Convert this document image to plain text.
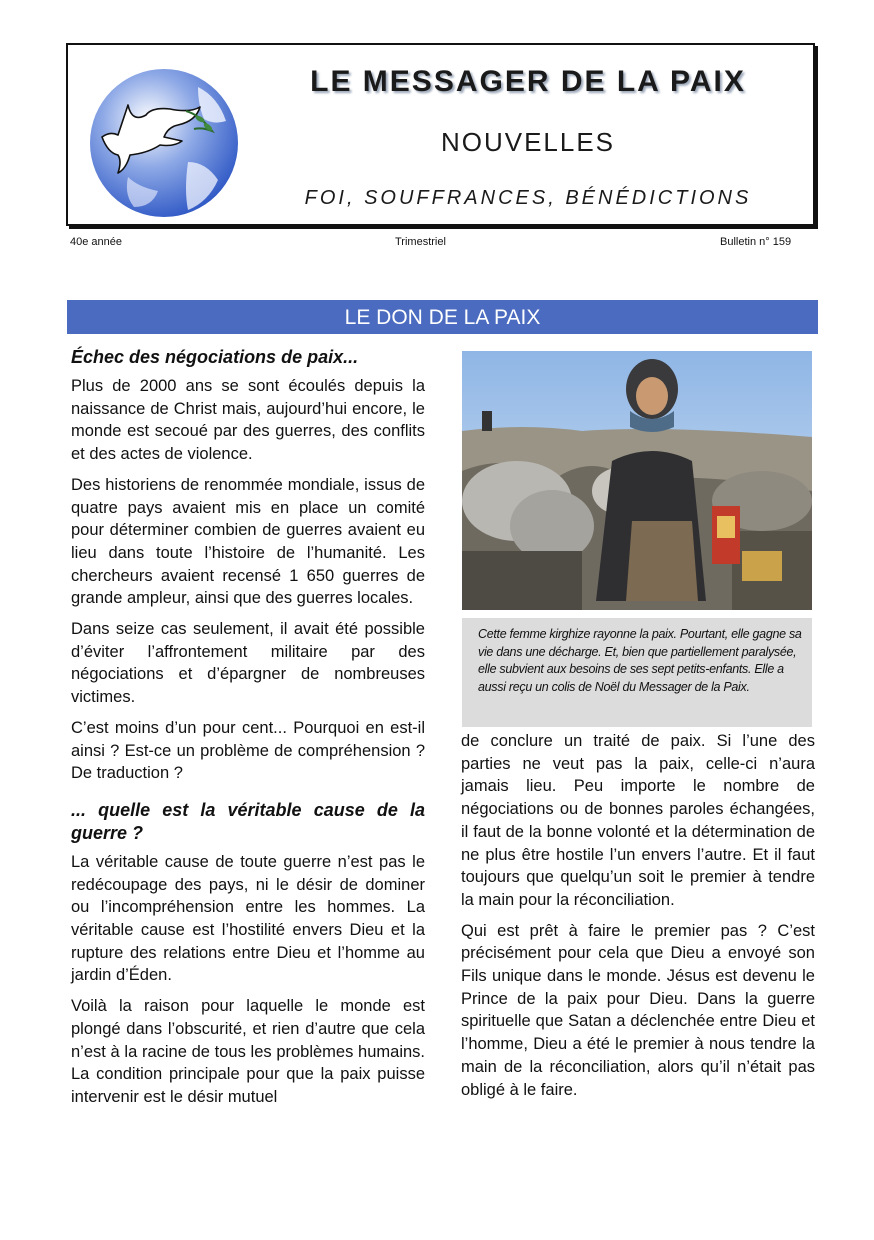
LE MESSAGER DE LA PAIX
NOUVELLES
FOI, SOUFFRANCES, BÉNÉDICTIONS
40e année	Trimestriel	Bulletin n° 159
LE DON DE LA PAIX
Échec des négociations de paix...

Plus de 2000 ans se sont écoulés depuis la naissance de Christ mais, aujourd’hui encore, le monde est secoué par des guerres, des conflits et des actes de violence.

Des historiens de renommée mondiale, issus de quatre pays avaient mis en place un comité pour déterminer combien de guerres avaient eu lieu dans toute l’histoire de l’humanité. Les chercheurs avaient recensé 1 650 guerres de grande ampleur, ainsi que des guerres locales.

Dans seize cas seulement, il avait été possible d’éviter l’affrontement militaire par des négociations et d’épargner de nombreuses victimes.

C’est moins d’un pour cent... Pourquoi en est-il ainsi ? Est-ce un problème de compréhension ? De traduction ?

... quelle est la véritable cause de la guerre ?

La véritable cause de toute guerre n’est pas le redécoupage des pays, ni le désir de dominer ou l’incompréhension entre les hommes. La véritable cause est l’hostilité envers Dieu et la rupture des relations entre Dieu et l’homme au jardin d’Éden.

Voilà la raison pour laquelle le monde est plongé dans l’obscurité, et rien d’autre que cela n’est à la racine de tous les problèmes humains. La condition principale pour que la paix puisse intervenir est le désir mutuel

Cette femme kirghize rayonne la paix. Pourtant, elle gagne sa vie dans une décharge. Et, bien que partiellement paralysée, elle subvient aux besoins de ses sept petits-enfants. Elle a aussi reçu un colis de Noël du Messager de la Paix.

de conclure un traité de paix. Si l’une des parties ne veut pas la paix, celle-ci n’aura jamais lieu. Peu importe le nombre de négociations ou de bonnes paroles échangées, il faut de la bonne volonté et la détermination de ne plus être hostile l’un envers l’autre. Et il faut toujours que quelqu’un soit le premier à tendre la main pour la réconciliation.

Qui est prêt à faire le premier pas ? C’est précisément pour cela que Dieu a envoyé son Fils unique dans le monde. Jésus est devenu le Prince de la paix pour Dieu. Dans la guerre spirituelle que Satan a déclenchée entre Dieu et l’homme, Dieu a été le premier à nous tendre la main de la réconciliation, alors qu’il n’était pas obligé à le faire.
